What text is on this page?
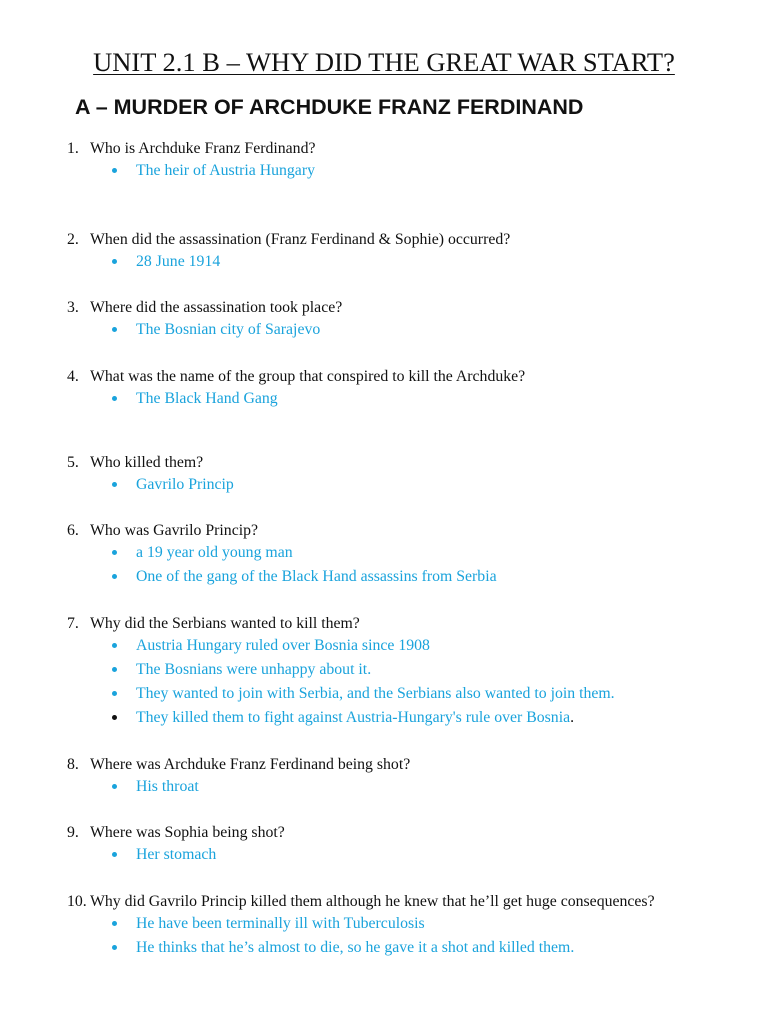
UNIT 2.1 B – WHY DID THE GREAT WAR START?
A – MURDER OF ARCHDUKE FRANZ FERDINAND
1. Who is Archduke Franz Ferdinand?
The heir of Austria Hungary
2. When did the assassination (Franz Ferdinand & Sophie) occurred?
28 June 1914
3. Where did the assassination took place?
The Bosnian city of Sarajevo
4. What was the name of the group that conspired to kill the Archduke?
The Black Hand Gang
5. Who killed them?
Gavrilo Princip
6. Who was Gavrilo Princip?
a 19 year old young man
One of the gang of the Black Hand assassins from Serbia
7. Why did the Serbians wanted to kill them?
Austria Hungary ruled over Bosnia since 1908
The Bosnians were unhappy about it.
They wanted to join with Serbia, and the Serbians also wanted to join them.
They killed them to fight against Austria-Hungary's rule over Bosnia.
8. Where was Archduke Franz Ferdinand being shot?
His throat
9. Where was Sophia being shot?
Her stomach
10. Why did Gavrilo Princip killed them although he knew that he’ll get huge consequences?
He have been terminally ill with Tuberculosis
He thinks that he’s almost to die, so he gave it a shot and killed them.
